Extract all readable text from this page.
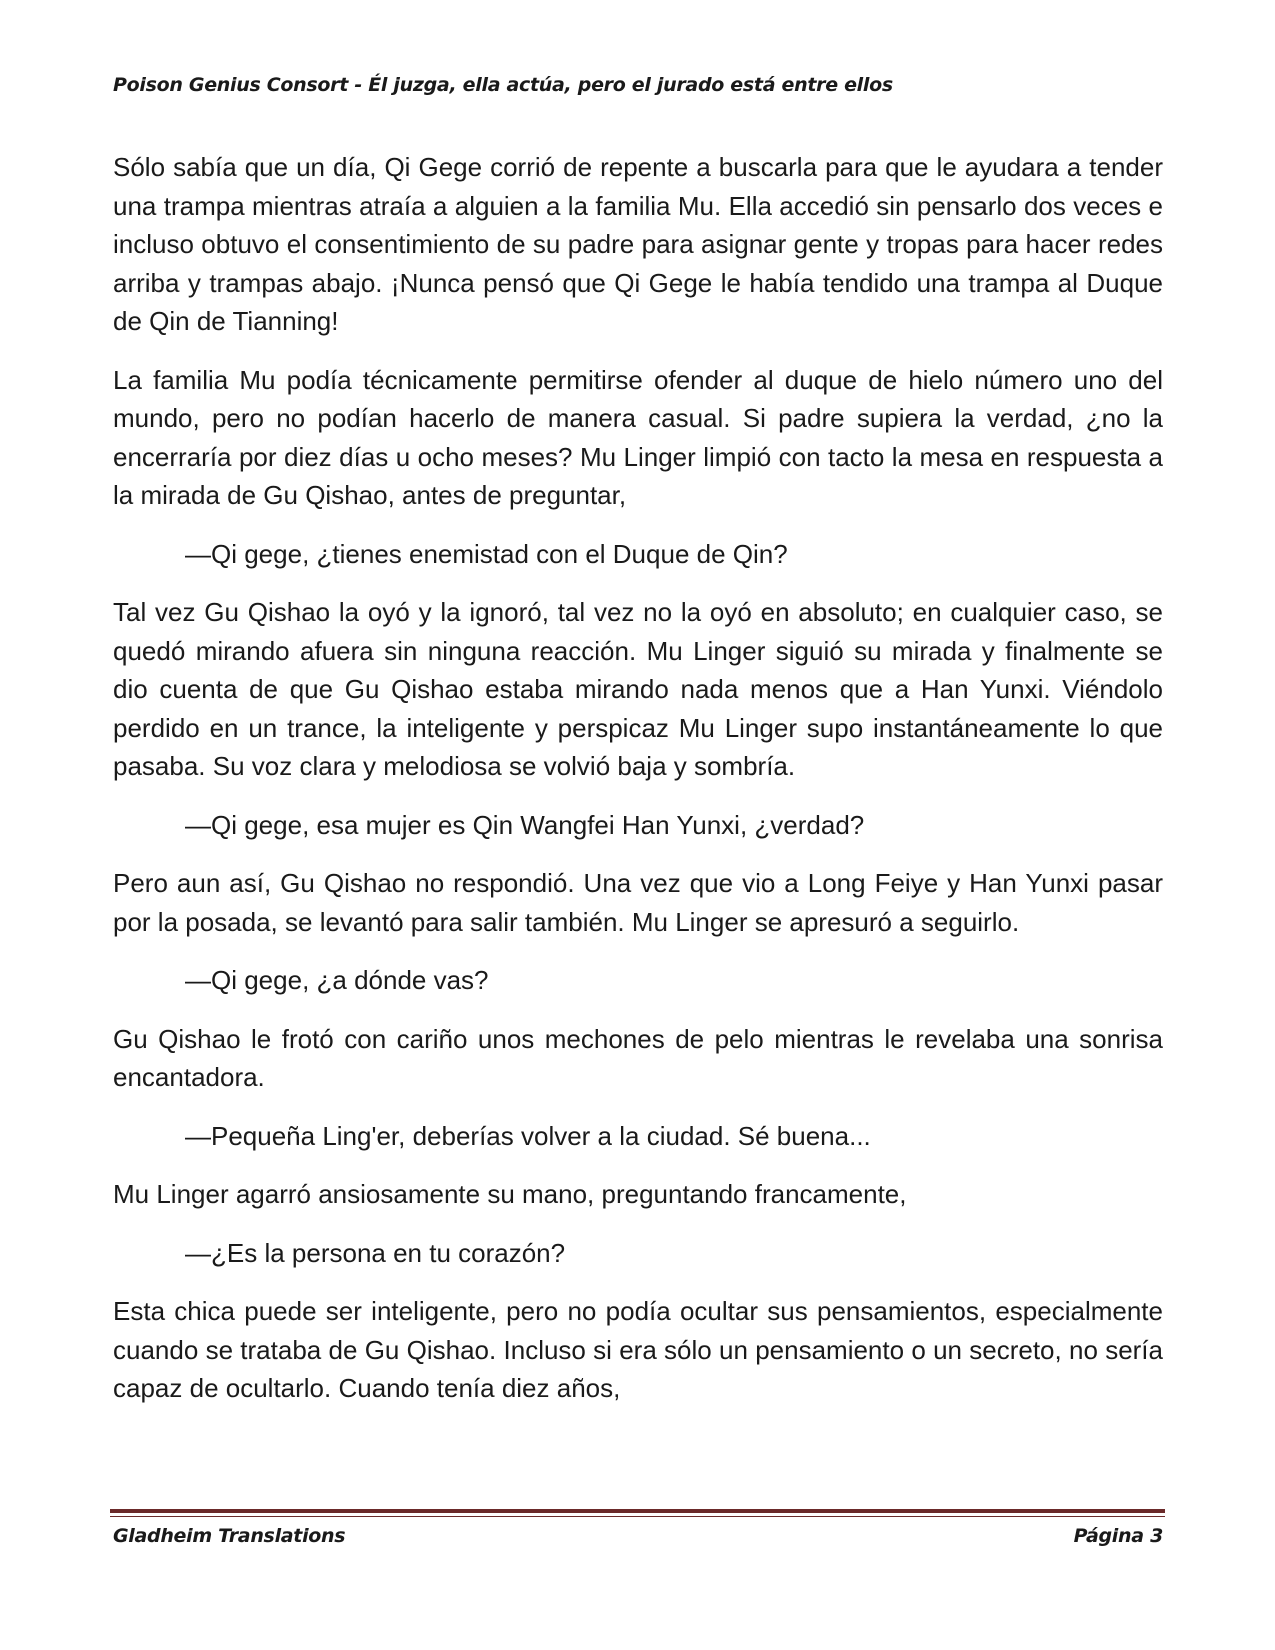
Poison Genius Consort - Él juzga, ella actúa, pero el jurado está entre ellos

Sólo sabía que un día, Qi Gege corrió de repente a buscarla para que le ayudara a tender una trampa mientras atraía a alguien a la familia Mu. Ella accedió sin pensarlo dos veces e incluso obtuvo el consentimiento de su padre para asignar gente y tropas para hacer redes arriba y trampas abajo. ¡Nunca pensó que Qi Gege le había tendido una trampa al Duque de Qin de Tianning!

La familia Mu podía técnicamente permitirse ofender al duque de hielo número uno del mundo, pero no podían hacerlo de manera casual. Si padre supiera la verdad, ¿no la encerraría por diez días u ocho meses? Mu Linger limpió con tacto la mesa en respuesta a la mirada de Gu Qishao, antes de preguntar,

—Qi gege, ¿tienes enemistad con el Duque de Qin?

Tal vez Gu Qishao la oyó y la ignoró, tal vez no la oyó en absoluto; en cualquier caso, se quedó mirando afuera sin ninguna reacción. Mu Linger siguió su mirada y finalmente se dio cuenta de que Gu Qishao estaba mirando nada menos que a Han Yunxi. Viéndolo perdido en un trance, la inteligente y perspicaz Mu Linger supo instantáneamente lo que pasaba. Su voz clara y melodiosa se volvió baja y sombría.

—Qi gege, esa mujer es Qin Wangfei Han Yunxi, ¿verdad?

Pero aun así, Gu Qishao no respondió. Una vez que vio a Long Feiye y Han Yunxi pasar por la posada, se levantó para salir también. Mu Linger se apresuró a seguirlo.

—Qi gege, ¿a dónde vas?

Gu Qishao le frotó con cariño unos mechones de pelo mientras le revelaba una sonrisa encantadora.

—Pequeña Ling'er, deberías volver a la ciudad. Sé buena...

Mu Linger agarró ansiosamente su mano, preguntando francamente,

—¿Es la persona en tu corazón?

Esta chica puede ser inteligente, pero no podía ocultar sus pensamientos, especialmente cuando se trataba de Gu Qishao. Incluso si era sólo un pensamiento o un secreto, no sería capaz de ocultarlo. Cuando tenía diez años,

Gladheim Translations	Página 3
